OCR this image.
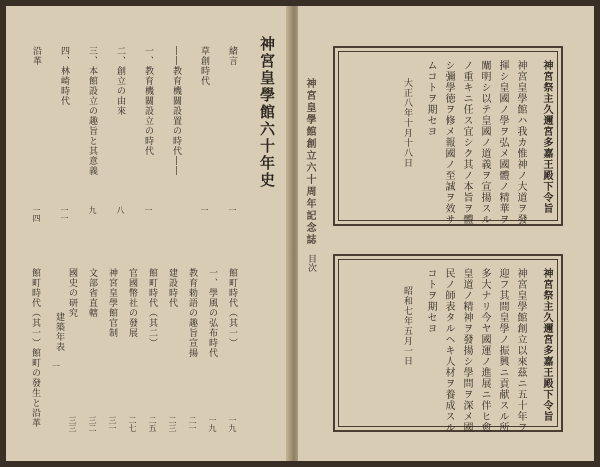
神宮皇學館六十年史
緒言
一
草創時代
一
――教育機關設置の時代――
一、教育機關設立の時代
一
二、創立の由來
八
三、本館設立の趣旨と其意義
九
四、林崎時代
一一
沿革
一四
館町時代（其一）
一九
一、學風の弘布時代
一九
教育勅語の趣旨宣揚
二一
建設時代
二三
館町時代（其二）
二五
官國幣社の發展
二七
神宮皇學館官制
三一
文部省直轄
三二
國史の研究
三三
館町時代（其一）館町の發生と沿革 建築年表
一
神宮皇學館創立六十周年記念誌
目次
神宮祭主久邇宮多嘉王殿下令旨
神宮皇學館ハ我カ惟神ノ大道ヲ發
揮シ皇國ノ學ヲ弘メ國體ノ精華ヲ
闡明シ以テ皇國ノ道義ヲ宣揚スル
ノ重キニ任ス宜シク其ノ本旨ヲ體
シ彌學徳ヲ修メ報國ノ至誠ヲ效サ
ムコトヲ期セヨ
大正八年十月十八日
神宮祭主久邇宮多嘉王殿下令旨
神宮皇學館創立以來茲ニ五十年ヲ
迎フ其間皇學ノ振興ニ貢献スル所
多大ナリ今ヤ國運ノ進展ニ伴ヒ愈
皇道ノ精神ヲ發揚シ學問ヲ深メ國
民ノ師表タルヘキ人材ヲ養成スル
コトヲ期セヨ
昭和七年五月一日
